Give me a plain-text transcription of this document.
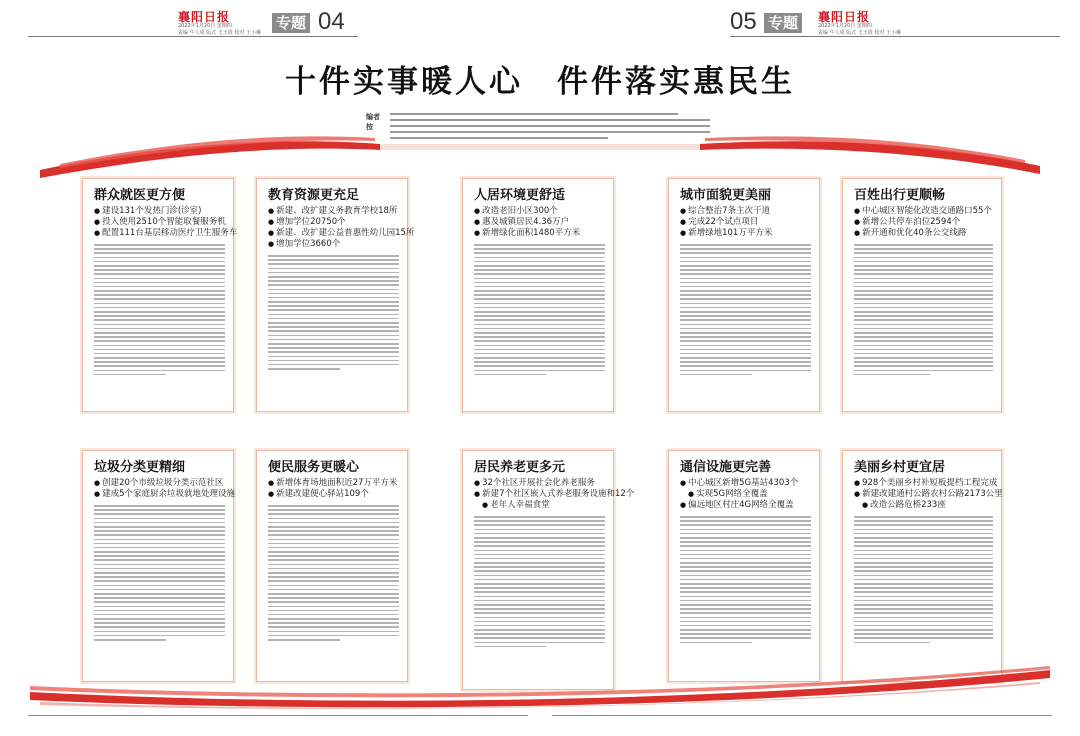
襄阳日报
2022年1月20日 星期四
责编 牛人成 版式 王玉霞 校对 王小琳
专题 04	05 专题	襄阳日报
2022年1月20日 星期四
责编 牛人成 版式 王玉霞 校对 王小琳
十件实事暖人心　件件落实惠民生
编者按
群众就医更方便
● 建设131个发热门诊(诊室)
● 投入使用2510个智能取餐服务机
● 配置111台基层移动医疗卫生服务车
教育资源更充足
● 新建、改扩建义务教育学校18所
● 增加学位20750个
● 新建、改扩建公益普惠性幼儿园15所
● 增加学位3660个
人居环境更舒适
● 改造老旧小区300个
● 惠及城镇居民4.36万户
● 新增绿化面积1480平方米
城市面貌更美丽
● 综合整治7条主次干道
● 完成22个试点项目
● 新增绿地101万平方米
百姓出行更顺畅
● 中心城区智能化改造交通路口55个
● 新增公共停车泊位2594个
● 新开通和优化40条公交线路
垃圾分类更精细
● 创建20个市级垃圾分类示范社区
● 建成5个家庭厨余垃圾就地处理设施
便民服务更暖心
● 新增体育场地面积近27万平方米
● 新建改建便心驿站109个
居民养老更多元
● 32个社区开展社会化养老服务
● 新建7个社区嵌入式养老服务设施和12个
● 老年人幸福食堂
通信设施更完善
● 中心城区新增5G基站4303个
● 实现5G网络全覆盖
● 偏远地区村庄4G网络全覆盖
美丽乡村更宜居
● 928个美丽乡村补短板提档工程完成
● 新建改建通村公路农村公路2173公里
● 改造公路危桥233座
